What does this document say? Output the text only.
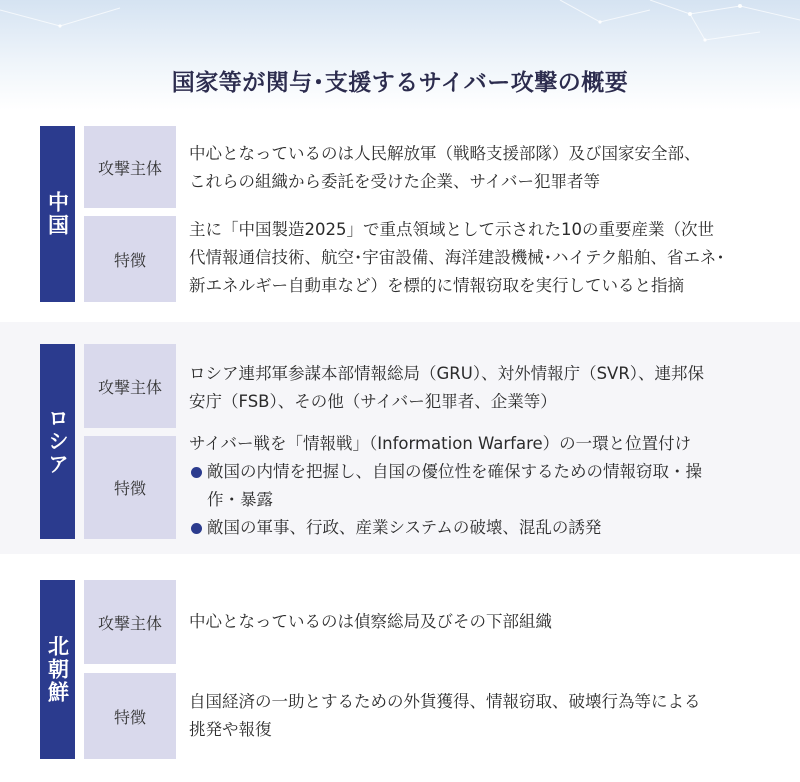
国家等が関与･支援するサイバー攻撃の概要
中国
攻撃主体
中心となっているのは人民解放軍（戦略支援部隊）及び国家安全部、
これらの組織から委託を受けた企業、サイバー犯罪者等
特徴
主に「中国製造2025」で重点領域として示された10の重要産業（次世
代情報通信技術、航空･宇宙設備、海洋建設機械･ハイテク船舶、省エネ･
新エネルギー自動車など）を標的に情報窃取を実行していると指摘
ロシア
攻撃主体
ロシア連邦軍参謀本部情報総局（GRU）、対外情報庁（SVR）、連邦保
安庁（FSB）、その他（サイバー犯罪者、企業等）
特徴
サイバー戦を「情報戦」（Information Warfare）の一環と位置付け
敵国の内情を把握し、自国の優位性を確保するための情報窃取・操
作・暴露
敵国の軍事、行政、産業システムの破壊、混乱の誘発
北朝鮮
攻撃主体	中心となっているのは偵察総局及びその下部組織
特徴
自国経済の一助とするための外貨獲得、情報窃取、破壊行為等による
挑発や報復
